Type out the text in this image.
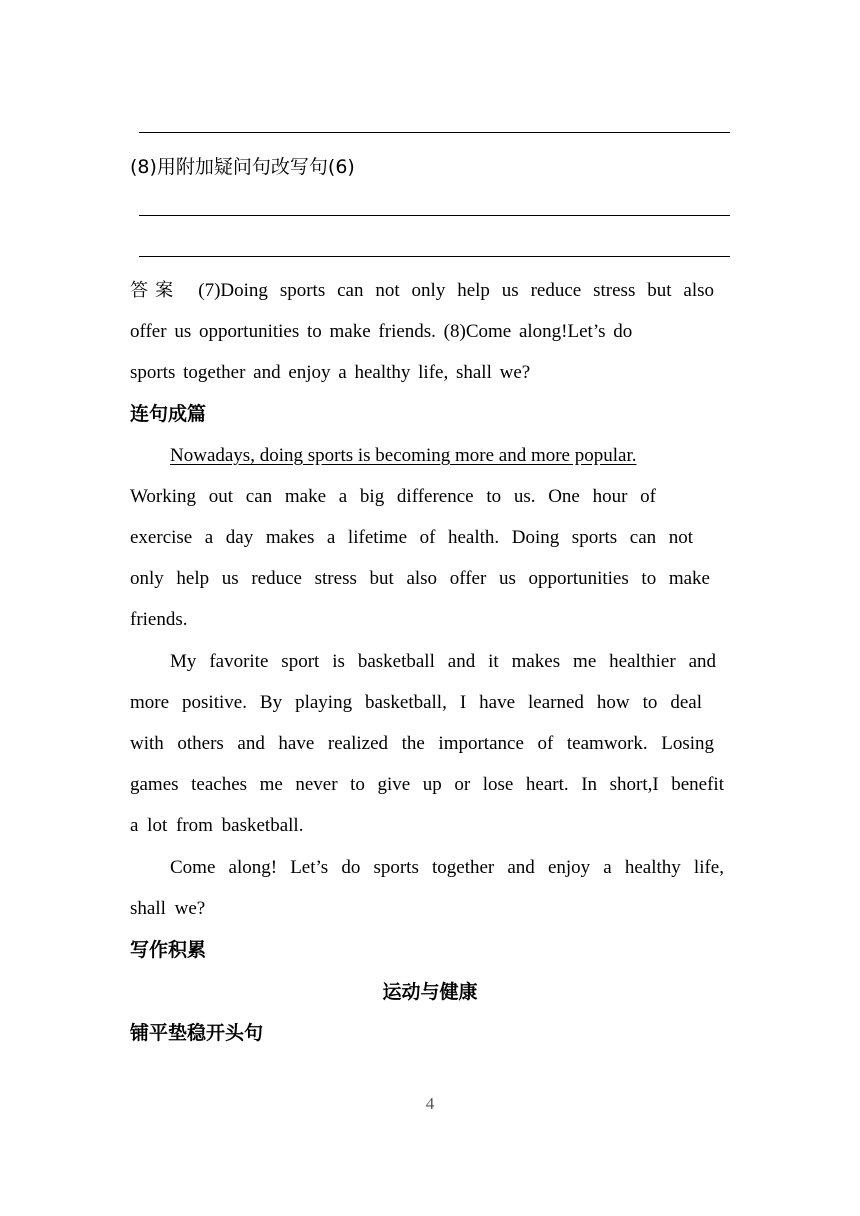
(8)用附加疑问句改写句(6)
答案 (7)Doing sports can not only help us reduce stress but also
offer us opportunities to make friends. (8)Come along!Let’s do
sports together and enjoy a healthy life, shall we?
连句成篇
Nowadays, doing sports is becoming more and more popular.
Working out can make a big difference to us. One hour of
exercise a day makes a lifetime of health. Doing sports can not
only help us reduce stress but also offer us opportunities to make
friends.
My favorite sport is basketball and it makes me healthier and
more positive. By playing basketball, I have learned how to deal
with others and have realized the importance of teamwork. Losing
games teaches me never to give up or lose heart. In short,I benefit
a lot from basketball.
Come along! Let’s do sports together and enjoy a healthy life,
shall we?
写作积累
运动与健康
铺平垫稳开头句
4
